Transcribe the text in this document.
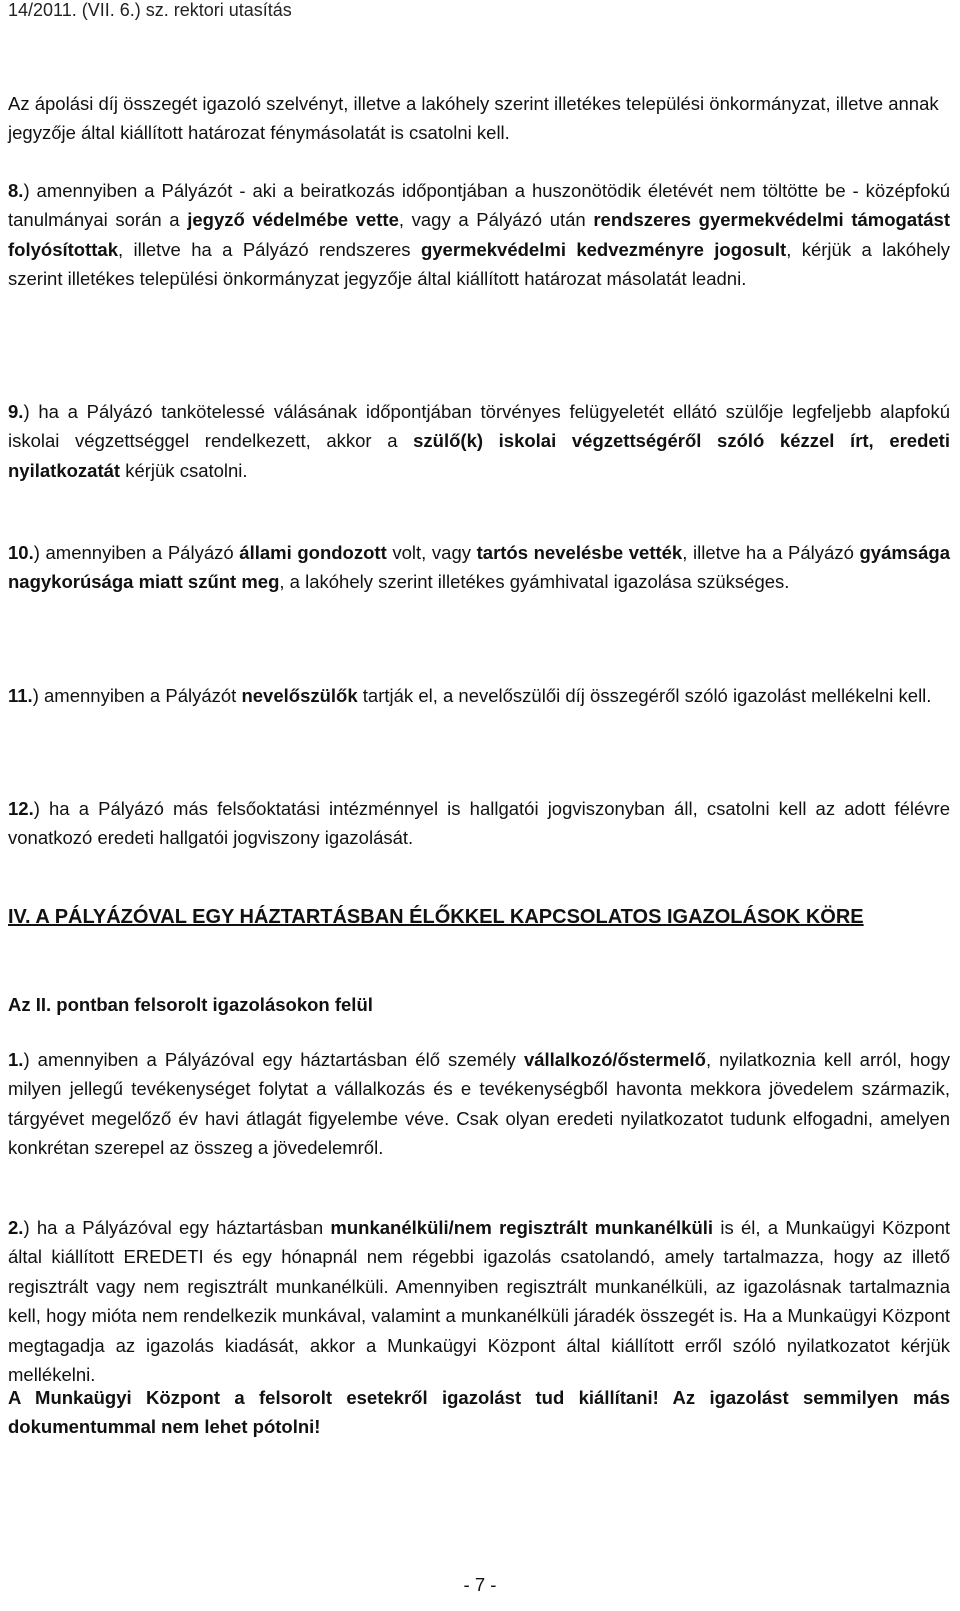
14/2011. (VII. 6.) sz. rektori utasítás

Az ápolási díj összegét igazoló szelvényt, illetve a lakóhely szerint illetékes települési önkormányzat, illetve annak jegyzője által kiállított határozat fénymásolatát is csatolni kell.

8.) amennyiben a Pályázót - aki a beiratkozás időpontjában a huszonötödik életévét nem töltötte be - középfokú tanulmányai során a jegyző védelmébe vette, vagy a Pályázó után rendszeres gyermekvédelmi támogatást folyósítottak, illetve ha a Pályázó rendszeres gyermekvédelmi kedvezményre jogosult, kérjük a lakóhely szerint illetékes települési önkormányzat jegyzője által kiállított határozat másolatát leadni.

9.) ha a Pályázó tankötelessé válásának időpontjában törvényes felügyeletét ellátó szülője legfeljebb alapfokú iskolai végzettséggel rendelkezett, akkor a szülő(k) iskolai végzettségéről szóló kézzel írt, eredeti nyilatkozatát kérjük csatolni.

10.) amennyiben a Pályázó állami gondozott volt, vagy tartós nevelésbe vették, illetve ha a Pályázó gyámsága nagykorúsága miatt szűnt meg, a lakóhely szerint illetékes gyámhivatal igazolása szükséges.

11.) amennyiben a Pályázót nevelőszülők tartják el, a nevelőszülői díj összegéről szóló igazolást mellékelni kell.

12.) ha a Pályázó más felsőoktatási intézménnyel is hallgatói jogviszonyban áll, csatolni kell az adott félévre vonatkozó eredeti hallgatói jogviszony igazolását.

IV. A PÁLYÁZÓVAL EGY HÁZTARTÁSBAN ÉLŐKKEL KAPCSOLATOS IGAZOLÁSOK KÖRE
Az II. pontban felsorolt igazolásokon felül

1.) amennyiben a Pályázóval egy háztartásban élő személy vállalkozó/őstermelő, nyilatkoznia kell arról, hogy milyen jellegű tevékenységet folytat a vállalkozás és e tevékenységből havonta mekkora jövedelem származik, tárgyévet megelőző év havi átlagát figyelembe véve. Csak olyan eredeti nyilatkozatot tudunk elfogadni, amelyen konkrétan szerepel az összeg a jövedelemről.

2.) ha a Pályázóval egy háztartásban munkanélküli/nem regisztrált munkanélküli is él, a Munkaügyi Központ által kiállított EREDETI és egy hónapnál nem régebbi igazolás csatolandó, amely tartalmazza, hogy az illető regisztrált vagy nem regisztrált munkanélküli. Amennyiben regisztrált munkanélküli, az igazolásnak tartalmaznia kell, hogy mióta nem rendelkezik munkával, valamint a munkanélküli járadék összegét is. Ha a Munkaügyi Központ megtagadja az igazolás kiadását, akkor a Munkaügyi Központ által kiállított erről szóló nyilatkozatot kérjük mellékelni.

A Munkaügyi Központ a felsorolt esetekről igazolást tud kiállítani! Az igazolást semmilyen más dokumentummal nem lehet pótolni!

- 7 -
